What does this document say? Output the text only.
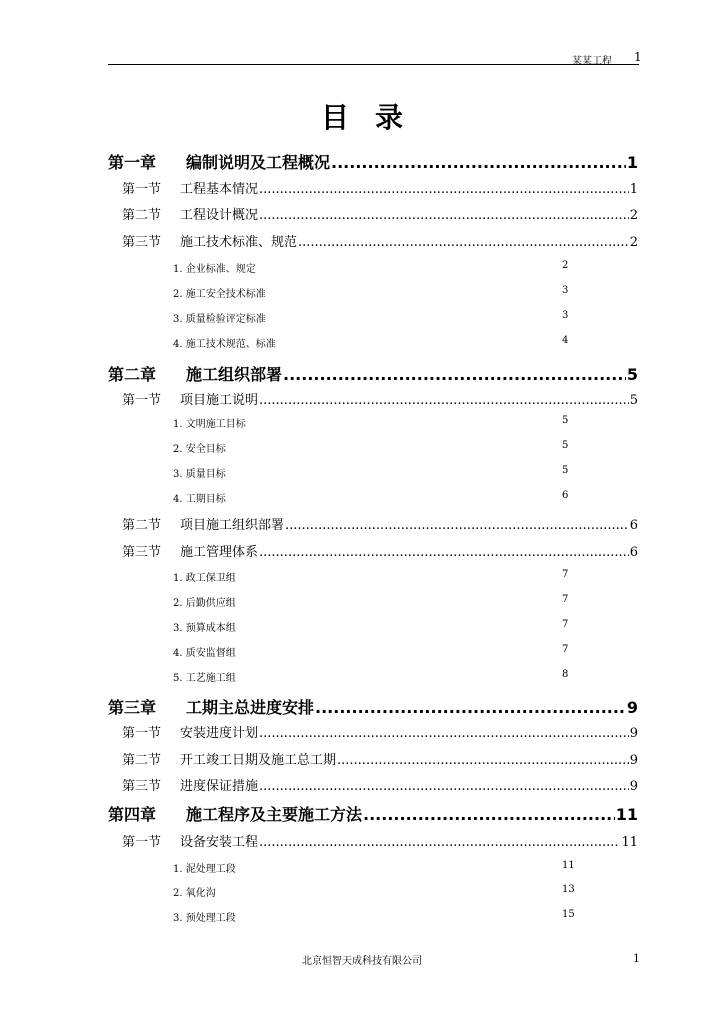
某某工程 1
目录
第一章	编制说明及工程概况 .....	1
第一节	工程基本情况 .....	1
第二节	工程设计概况 .....	2
第三节	施工技术标准、规范 .....	2
1. 企业标准、规定	2
2. 施工安全技术标准	3
3. 质量检验评定标准	3
4. 施工技术规范、标准	4
第二章	施工组织部署 .....	5
第一节	项目施工说明 .....	5
1. 文明施工目标	5
2. 安全目标	5
3. 质量目标	5
4. 工期目标	6
第二节	项目施工组织部署 .....	6
第三节	施工管理体系 .....	6
1. 政工保卫组	7
2. 后勤供应组	7
3. 预算成本组	7
4. 质安监督组	7
5. 工艺施工组	8
第三章	工期主总进度安排 .....	9
第一节	安装进度计划 .....	9
第二节	开工竣工日期及施工总工期 .....	9
第三节	进度保证措施 .....	9
第四章	施工程序及主要施工方法 .....	11
第一节	设备安装工程 .....	11
1. 泥处理工段	11
2. 氧化沟	13
3. 预处理工段	15
北京恒智天成科技有限公司	1
